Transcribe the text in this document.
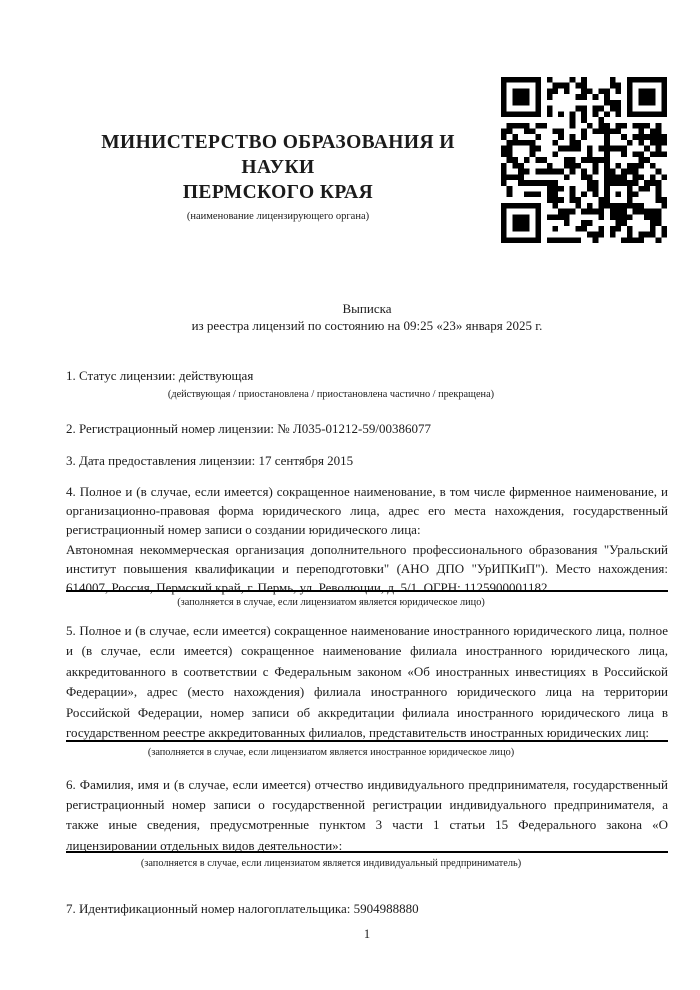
МИНИСТЕРСТВО ОБРАЗОВАНИЯ И НАУКИ
ПЕРМСКОГО КРАЯ
(наименование лицензирующего органа)
Выписка
из реестра лицензий по состоянию на 09:25 «23» января 2025 г.

1. Статус лицензии: действующая

(действующая / приостановлена / приостановлена частично / прекращена)

2. Регистрационный номер лицензии: № Л035-01212-59/00386077

3. Дата предоставления лицензии: 17 сентября 2015

4. Полное и (в случае, если имеется) сокращенное наименование, в том числе фирменное наименование, и организационно-правовая форма юридического лица, адрес его места нахождения, государственный регистрационный номер записи о создании юридического лица:
Автономная некоммерческая организация дополнительного профессионального образования "Уральский институт повышения квалификации и переподготовки" (АНО ДПО "УрИПКиП"). Место нахождения: 614007, Россия, Пермский край, г. Пермь, ул. Революции, д. 5/1. ОГРН: 1125900001182.

(заполняется в случае, если лицензиатом является юридическое лицо)

5. Полное и (в случае, если имеется) сокращенное наименование иностранного юридического лица, полное и (в случае, если имеется) сокращенное наименование филиала иностранного юридического лица, аккредитованного в соответствии с Федеральным законом «Об иностранных инвестициях в Российской Федерации», адрес (место нахождения) филиала иностранного юридического лица на территории Российской Федерации, номер записи об аккредитации филиала иностранного юридического лица в государственном реестре аккредитованных филиалов, представительств иностранных юридических лиц:

(заполняется в случае, если лицензиатом является иностранное юридическое лицо)

6. Фамилия, имя и (в случае, если имеется) отчество индивидуального предпринимателя, государственный регистрационный номер записи о государственной регистрации индивидуального предпринимателя, а также иные сведения, предусмотренные пунктом 3 части 1 статьи 15 Федерального закона «О лицензировании отдельных видов деятельности»:

(заполняется в случае, если лицензиатом является индивидуальный предприниматель)

7. Идентификационный номер налогоплательщика: 5904988880

1
